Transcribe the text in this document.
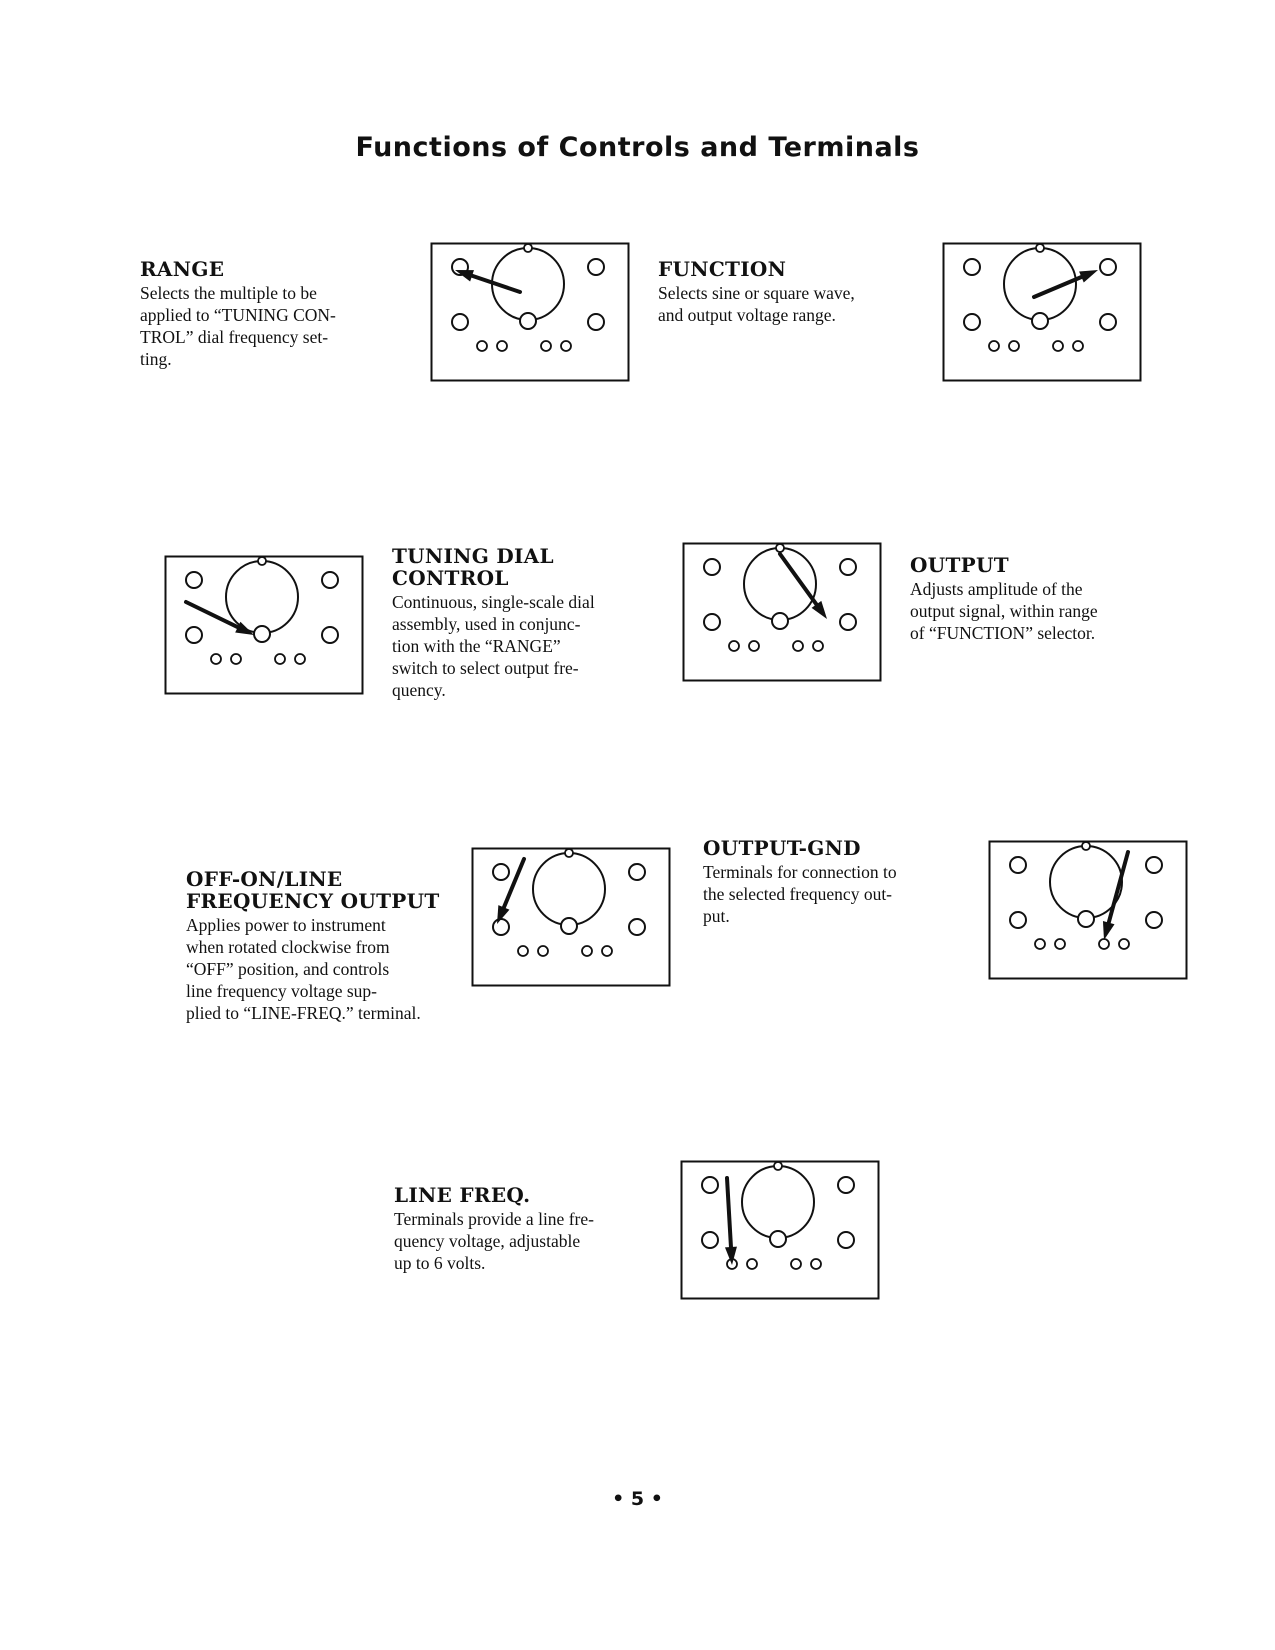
Functions of Controls and Terminals
RANGE

Selects the multiple to be
applied to “TUNING CON-
TROL” dial frequency set-
ting.

FUNCTION

Selects sine or square wave,
and output voltage range.

TUNING DIAL
CONTROL

Continuous, single-scale dial
assembly, used in conjunc-
tion with the “RANGE”
switch to select output fre-
quency.

OUTPUT

Adjusts amplitude of the
output signal, within range
of “FUNCTION” selector.

OFF-ON/LINE
FREQUENCY OUTPUT

Applies power to instrument
when rotated clockwise from
“OFF” position, and controls
line frequency voltage sup-
plied to “LINE-FREQ.” terminal.

OUTPUT-GND

Terminals for connection to
the selected frequency out-
put.

LINE FREQ.

Terminals provide a line fre-
quency voltage, adjustable
up to 6 volts.

• 5 •
